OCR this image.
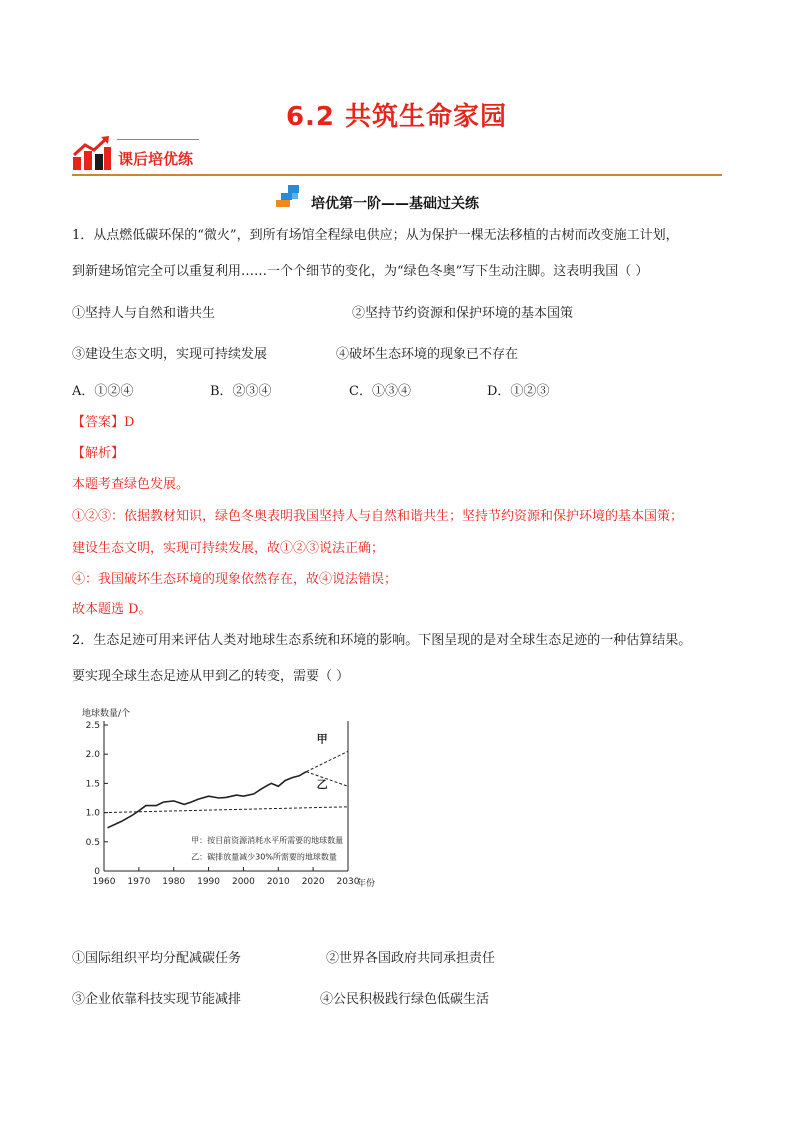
6.2 共筑生命家园
课后培优练
培优第一阶——基础过关练
1．从点燃低碳环保的“微火”，到所有场馆全程绿电供应；从为保护一棵无法移植的古树而改变施工计划，
到新建场馆完全可以重复利用……一个个细节的变化，为“绿色冬奥”写下生动注脚。这表明我国（ ）
①坚持人与自然和谐共生	②坚持节约资源和保护环境的基本国策
③建设生态文明，实现可持续发展	④破坏生态环境的现象已不存在
A．①②④	B．②③④	C．①③④	D．①②③
【答案】D
【解析】
本题考查绿色发展。
①②③：依据教材知识，绿色冬奥表明我国坚持人与自然和谐共生；坚持节约资源和保护环境的基本国策；
建设生态文明，实现可持续发展，故①②③说法正确；
④：我国破坏生态环境的现象依然存在，故④说法错误；
故本题选 D。
2．生态足迹可用来评估人类对地球生态系统和环境的影响。下图呈现的是对全球生态足迹的一种估算结果。
要实现全球生态足迹从甲到乙的转变，需要（ ）
地球数量/个
年份
0
0.5
1.0
1.5
2.0
2.5
1960 1970 1980 1990 2000 2010 2020 2030
甲
乙
甲：按目前资源消耗水平所需要的地球数量
乙：碳排放量减少30%所需要的地球数量
①国际组织平均分配减碳任务	②世界各国政府共同承担责任
③企业依靠科技实现节能减排	④公民积极践行绿色低碳生活
